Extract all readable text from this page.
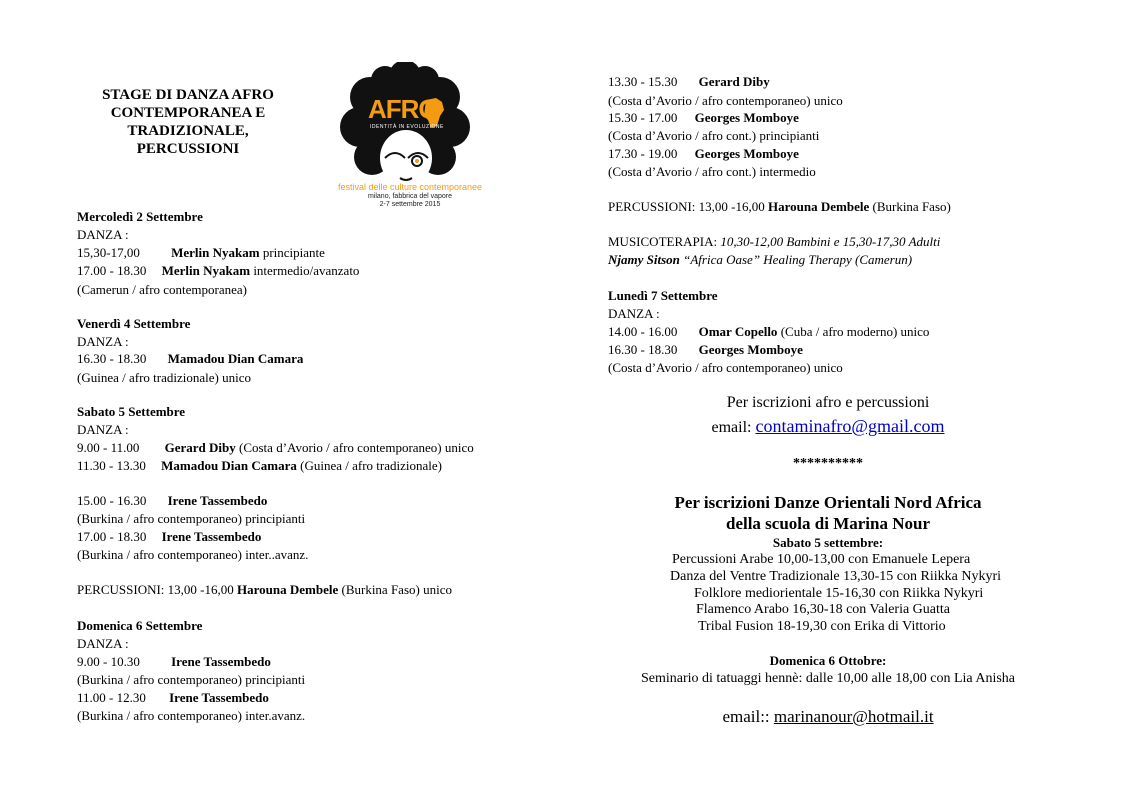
STAGE DI DANZA AFRO
CONTEMPORANEA E
TRADIZIONALE,
PERCUSSIONI
AFRO
IDENTITÀ IN EVOLUZIONE
festival delle culture contemporanee
milano, fabbrica del vapore
2-7 settembre 2015
Mercoledì 2 Settembre
DANZA :
15,30-17,00 Merlin Nyakam principiante
17.00 - 18.30 Merlin Nyakam intermedio/avanzato
(Camerun / afro contemporanea)
Venerdì 4 Settembre
DANZA :
16.30 - 18.30 Mamadou Dian Camara
(Guinea / afro tradizionale) unico
Sabato 5 Settembre
DANZA :
9.00 - 11.00 Gerard Diby (Costa d’Avorio / afro contemporaneo) unico
11.30 - 13.30 Mamadou Dian Camara (Guinea / afro tradizionale)
15.00 - 16.30 Irene Tassembedo
(Burkina / afro contemporaneo) principianti
17.00 - 18.30 Irene Tassembedo
(Burkina / afro contemporaneo) inter..avanz.
PERCUSSIONI: 13,00 -16,00 Harouna Dembele (Burkina Faso) unico
Domenica 6 Settembre
DANZA :
9.00 - 10.30 Irene Tassembedo
(Burkina / afro contemporaneo) principianti
11.00 - 12.30 Irene Tassembedo
(Burkina / afro contemporaneo) inter.avanz.
13.30 - 15.30 Gerard Diby
(Costa d’Avorio / afro contemporaneo) unico
15.30 - 17.00 Georges Momboye
(Costa d’Avorio / afro cont.) principianti
17.30 - 19.00 Georges Momboye
(Costa d’Avorio / afro cont.) intermedio
PERCUSSIONI: 13,00 -16,00 Harouna Dembele (Burkina Faso)
MUSICOTERAPIA: 10,30-12,00 Bambini e 15,30-17,30 Adulti
Njamy Sitson “Africa Oase” Healing Therapy (Camerun)
Lunedì 7 Settembre
DANZA :
14.00 - 16.00 Omar Copello (Cuba / afro moderno) unico
16.30 - 18.30 Georges Momboye
(Costa d’Avorio / afro contemporaneo) unico
Per iscrizioni afro e percussioni
email: contaminafro@gmail.com
**********
Per iscrizioni Danze Orientali Nord Africa
della scuola di Marina Nour
Sabato 5 settembre:
Percussioni Arabe 10,00-13,00 con Emanuele Lepera
Danza del Ventre Tradizionale 13,30-15 con Riikka Nykyri
Folklore mediorientale 15-16,30 con Riikka Nykyri
Flamenco Arabo 16,30-18 con Valeria Guatta
Tribal Fusion 18-19,30 con Erika di Vittorio
Domenica 6 Ottobre:
Seminario di tatuaggi hennè: dalle 10,00 alle 18,00 con Lia Anisha
email:: marinanour@hotmail.it
